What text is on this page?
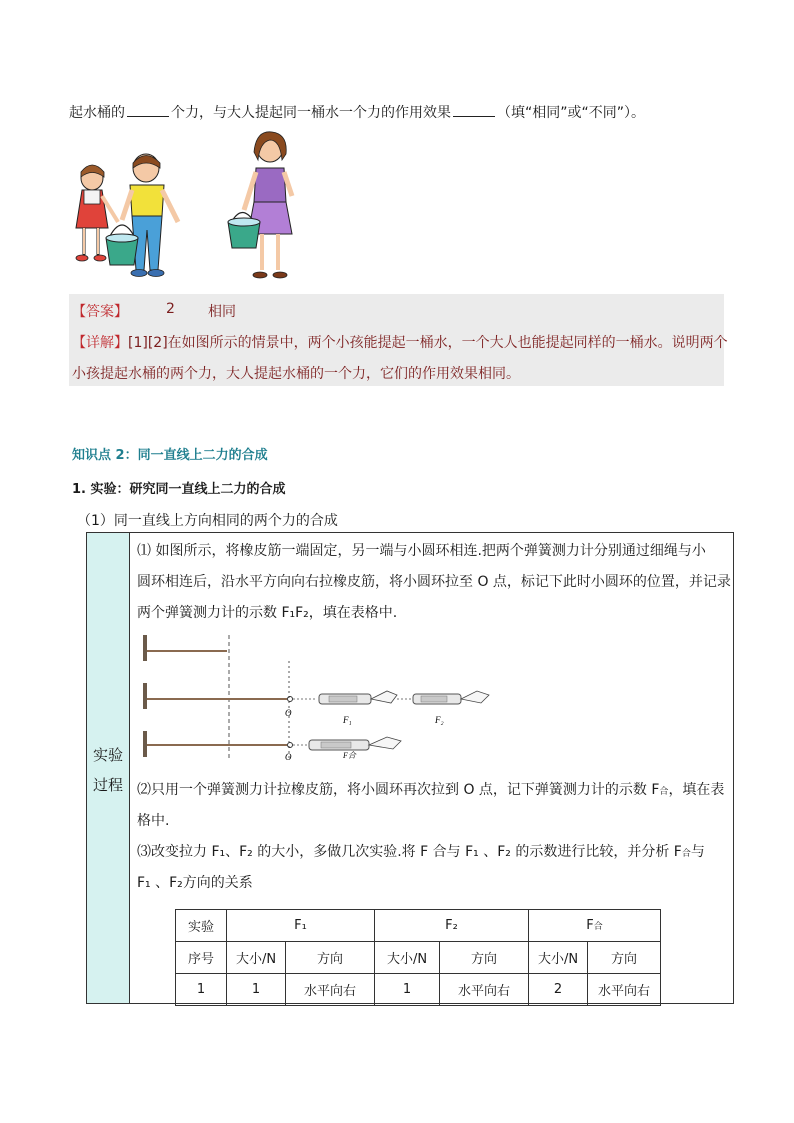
起水桶的	个力，与大人提起同一桶水一个力的作用效果	（填“相同”或“不同”）。
【答案】	2 相同
【详解】[1][2]在如图所示的情景中，两个小孩能提起一桶水，一个大人也能提起同样的一桶水。说明两个
小孩提起水桶的两个力，大人提起水桶的一个力，它们的作用效果相同。
知识点 2：同一直线上二力的合成
1. 实验：研究同一直线上二力的合成
（1）同一直线上方向相同的两个力的合成
实验
过程
⑴ 如图所示，将橡皮筋一端固定，另一端与小圆环相连.把两个弹簧测力计分别通过细绳与小
圆环相连后，沿水平方向向右拉橡皮筋，将小圆环拉至 O 点，标记下此时小圆环的位置，并记录
两个弹簧测力计的示数 F₁F₂，填在表格中.
O
F₁	F₂
O	F合
⑵只用一个弹簧测力计拉橡皮筋，将小圆环再次拉到 O 点，记下弹簧测力计的示数 F合，填在表
格中.
⑶改变拉力 F₁、F₂ 的大小，多做几次实验.将 F 合与 F₁ 、F₂ 的示数进行比较，并分析 F合与
F₁ 、F₂方向的关系
实验	F₁		F₂		F合	
序号	大小/N	方向	大小/N	方向	大小/N	方向
1	1	水平向右	1	水平向右	2	水平向右
